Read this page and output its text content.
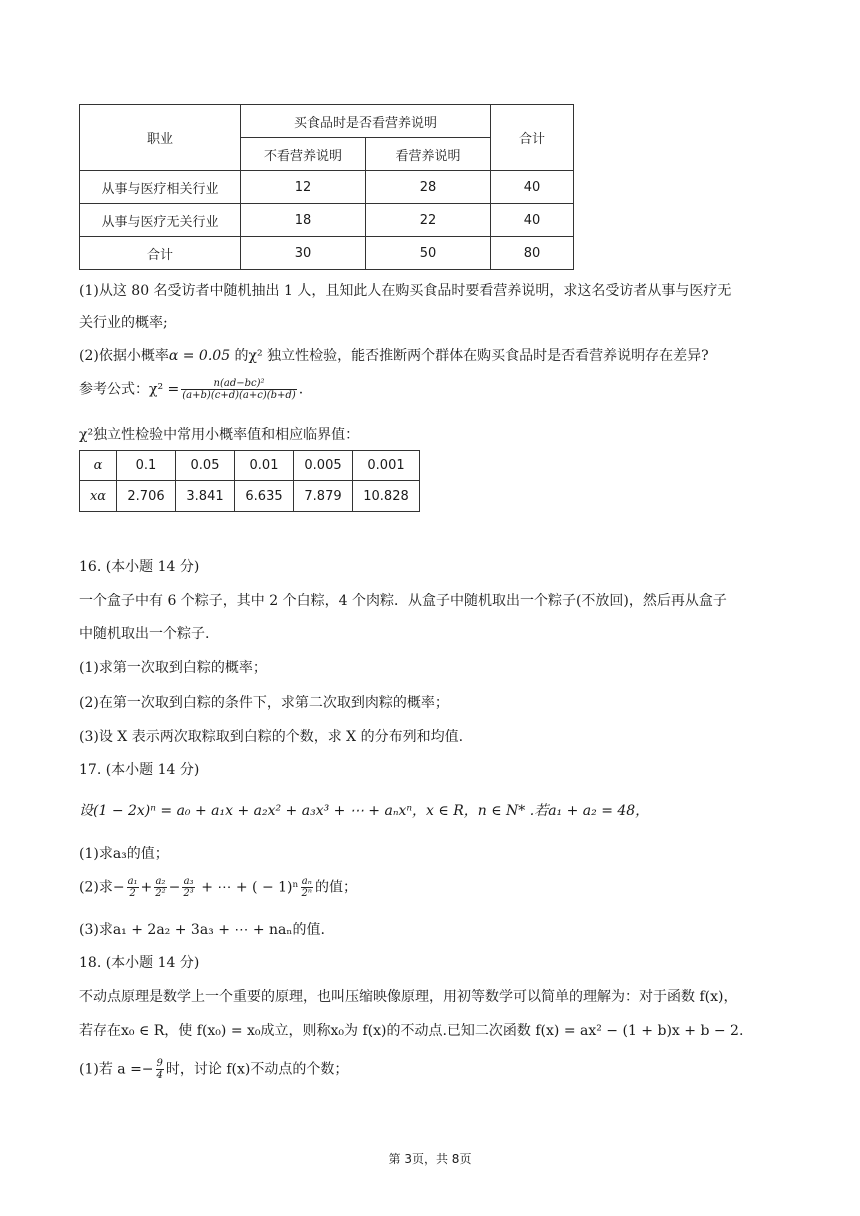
职业	买食品时是否看营养说明		合计
	不看营养说明	看营养说明	
从事与医疗相关行业	12	28	40
从事与医疗无关行业	18	22	40
合计	30	50	80
(1)从这 80 名受访者中随机抽出 1 人，且知此人在购买食品时要看营养说明，求这名受访者从事与医疗无
关行业的概率;
(2)依据小概率α = 0.05 的χ² 独立性检验，能否推断两个群体在购买食品时是否看营养说明存在差异?
参考公式：$\chi^2 = \frac{\text{n(ad−bc)²}}{(a+b)(c+d)(a+c)(b+d)}$ .
χ²独立性检验中常用小概率值和相应临界值：
α	0.1	0.05	0.01	0.005	0.001
xα	2.706	3.841	6.635	7.879	10.828
16. (本小题 14 分)
一个盒子中有 6 个粽子，其中 2 个白粽，4 个肉粽．从盒子中随机取出一个粽子(不放回)，然后再从盒子
中随机取出一个粽子.
(1)求第一次取到白粽的概率；
(2)在第一次取到白粽的条件下，求第二次取到肉粽的概率；
(3)设 X 表示两次取粽取到白粽的个数，求 X 的分布列和均值.
17. (本小题 14 分)
设(1 − 2x)ⁿ = a₀ + a₁x + a₂x² + a₃x³ + ⋯ + aₙxⁿ，x ∈ R，n ∈ N* .若a₁ + a₂ = 48，
(1)求a₃的值；
(2)求− $\frac{\text{a₁}}{2} + \frac{\text{a₂}}{\text{2²}} - \frac{\text{a₃}}{\text{2³}}$ + ⋯ + ( − $1)^n \frac{\text{aₙ}}{\text{2ⁿ}}$ 的值；
(3)求a₁ + 2a₂ + 3a₃ + ⋯ + naₙ的值.
18. (本小题 14 分)
不动点原理是数学上一个重要的原理，也叫压缩映像原理，用初等数学可以简单的理解为：对于函数 f(x)，
若存在x₀ ∈ R，使 f(x₀) = x₀成立，则称x₀为 f(x)的不动点.已知二次函数 f(x) = ax² − (1 + b)x + b − 2.
(1)若 $a =- \frac{9}{4}$ 时，讨论 f(x)不动点的个数；
第 3页，共 8页
